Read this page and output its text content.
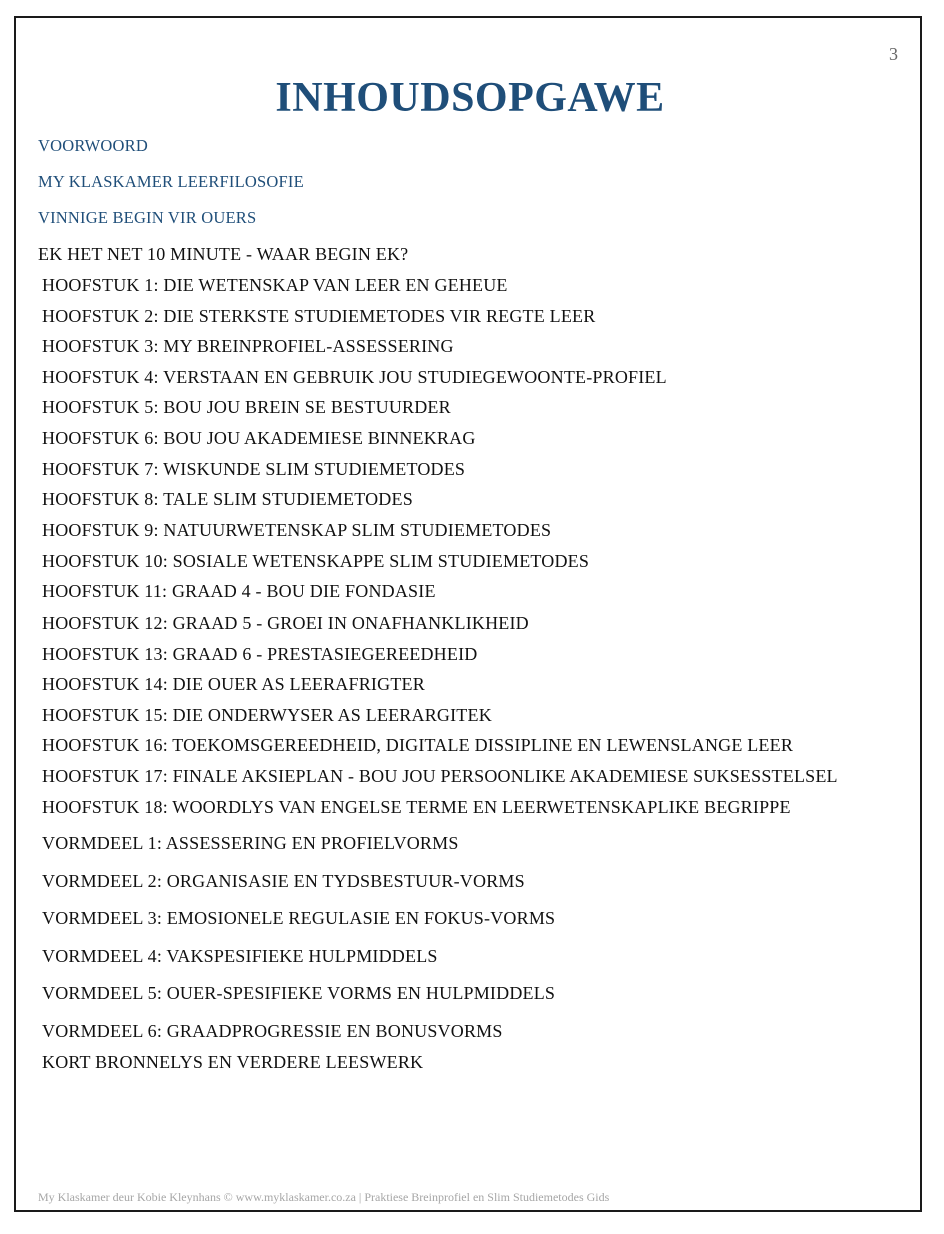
3
INHOUDSOPGAWE
VOORWOORD
MY KLASKAMER LEERFILOSOFIE
VINNIGE BEGIN VIR OUERS
EK HET NET 10 MINUTE - WAAR BEGIN EK?
HOOFSTUK 1: DIE WETENSKAP VAN LEER EN GEHEUE
HOOFSTUK 2: DIE STERKSTE STUDIEMETODES VIR REGTE LEER
HOOFSTUK 3: MY BREINPROFIEL-ASSESSERING
HOOFSTUK 4: VERSTAAN EN GEBRUIK JOU STUDIEGEWOONTE-PROFIEL
HOOFSTUK 5: BOU JOU BREIN SE BESTUURDER
HOOFSTUK 6: BOU JOU AKADEMIESE BINNEKRAG
HOOFSTUK 7: WISKUNDE SLIM STUDIEMETODES
HOOFSTUK 8: TALE SLIM STUDIEMETODES
HOOFSTUK 9: NATUURWETENSKAP SLIM STUDIEMETODES
HOOFSTUK 10: SOSIALE WETENSKAPPE SLIM STUDIEMETODES
HOOFSTUK 11: GRAAD 4 - BOU DIE FONDASIE
HOOFSTUK 12: GRAAD 5 - GROEI IN ONAFHANKLIKHEID
HOOFSTUK 13: GRAAD 6 - PRESTASIEGEREEDHEID
HOOFSTUK 14: DIE OUER AS LEERAFRIGTER
HOOFSTUK 15: DIE ONDERWYSER AS LEERARGITEK
HOOFSTUK 16: TOEKOMSGEREEDHEID, DIGITALE DISSIPLINE EN LEWENSLANGE LEER
HOOFSTUK 17: FINALE AKSIEPLAN - BOU JOU PERSOONLIKE AKADEMIESE SUKSESSTELSEL
HOOFSTUK 18: WOORDLYS VAN ENGELSE TERME EN LEERWETENSKAPLIKE BEGRIPPE
VORMDEEL 1: ASSESSERING EN PROFIELVORMS
VORMDEEL 2: ORGANISASIE EN TYDSBESTUUR-VORMS
VORMDEEL 3: EMOSIONELE REGULASIE EN FOKUS-VORMS
VORMDEEL 4: VAKSPESIFIEKE HULPMIDDELS
VORMDEEL 5: OUER-SPESIFIEKE VORMS EN HULPMIDDELS
VORMDEEL 6: GRAADPROGRESSIE EN BONUSVORMS
KORT BRONNELYS EN VERDERE LEESWERK
My Klaskamer deur Kobie Kleynhans © www.myklaskamer.co.za | Praktiese Breinprofiel en Slim Studiemetodes Gids
